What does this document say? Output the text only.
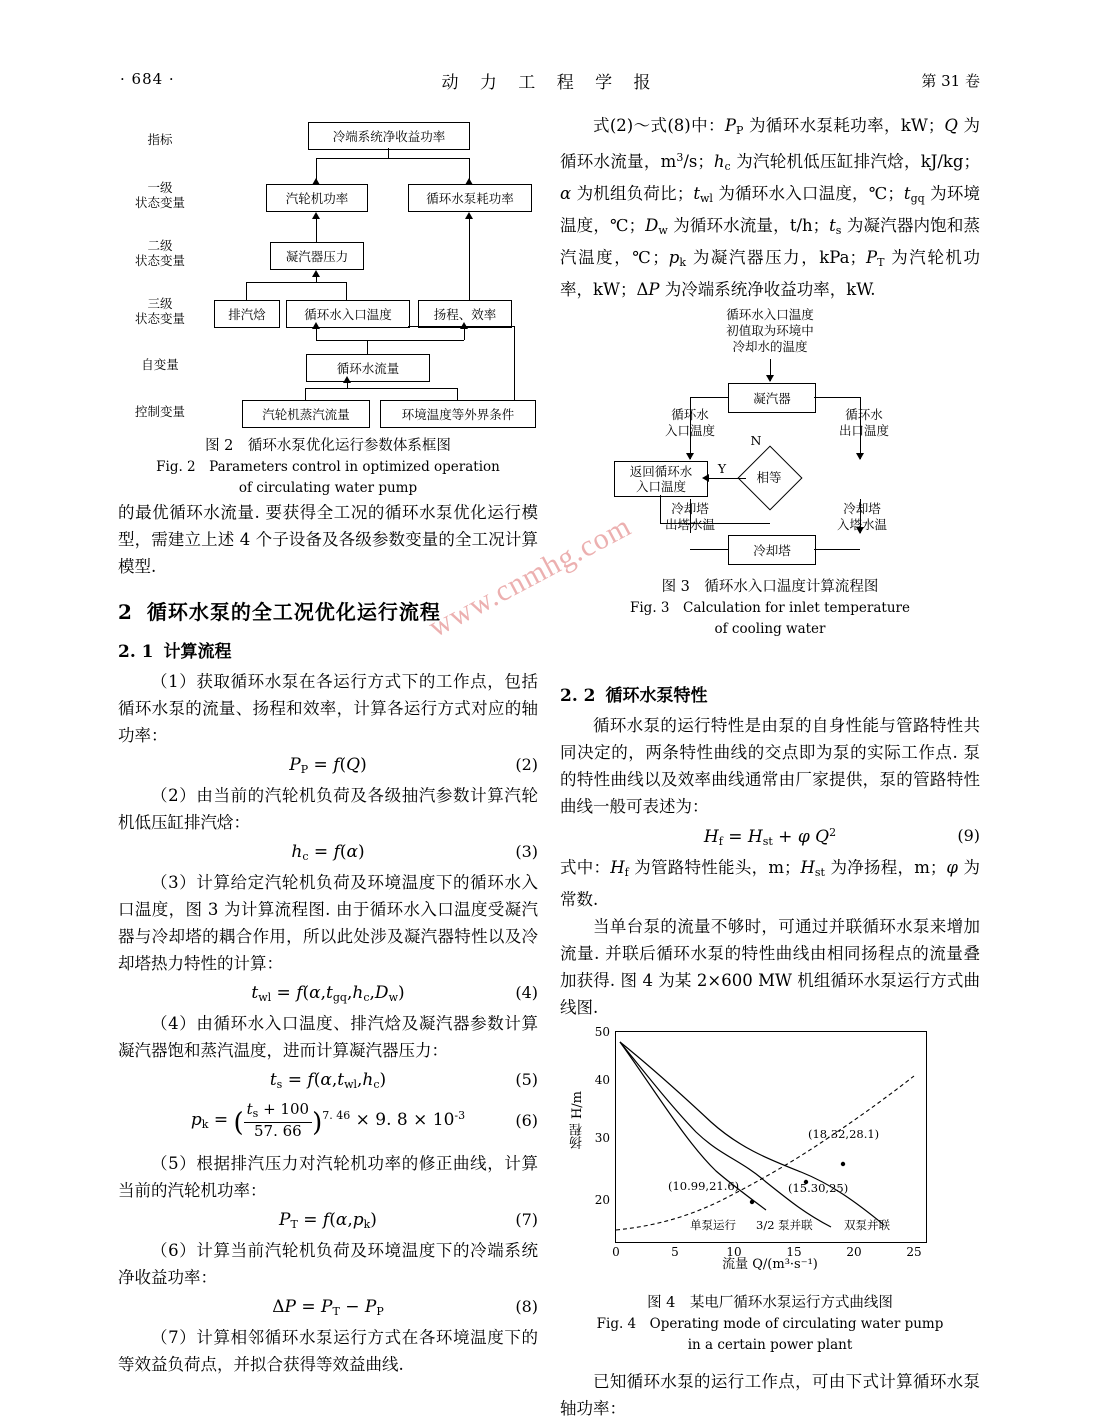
· 684 ·	动 力 工 程 学 报	第 31 卷
www.cnmhg.com
指标
一级
状态变量
二级
状态变量
三级
状态变量
自变量
控制变量
冷端系统净收益功率
汽轮机功率	循环水泵耗功率
凝汽器压力
排汽焓	循环水入口温度	扬程、效率
循环水流量
汽轮机蒸汽流量	环境温度等外界条件
图 2　循环水泵优化运行参数体系框图
Fig. 2　Parameters control in optimized operation
of circulating water pump

的最优循环水流量. 要获得全工况的循环水泵优化运行模型，需建立上述 4 个子设备及各级参数变量的全工况计算模型.

2 循环水泵的全工况优化运行流程
2. 1 计算流程

（1）获取循环水泵在各运行方式下的工作点，包括循环水泵的流量、扬程和效率，计算各运行方式对应的轴功率：

$P_P = f(Q)$	(2)

（2）由当前的汽轮机负荷及各级抽汽参数计算汽轮机低压缸排汽焓：

$h_c = f(\alpha)$	(3)

（3）计算给定汽轮机负荷及环境温度下的循环水入口温度，图 3 为计算流程图. 由于循环水入口温度受凝汽器与冷却塔的耦合作用，所以此处涉及凝汽器特性以及冷却塔热力特性的计算：

$t_{wl} = f(\alpha,t_{gq},h_c,D_w)$	(4)

（4）由循环水入口温度、排汽焓及凝汽器参数计算凝汽器饱和蒸汽温度，进而计算凝汽器压力：

$t_s = f(\alpha,t_{wl},h_c)$	(5)
$p_k$ = ( $\frac{t_s + 100}{57. 66} )^{7. 46} \times 9$. $8 \times 10^{-3}$	(6)

（5）根据排汽压力对汽轮机功率的修正曲线，计算当前的汽轮机功率：

$P_T = f(\alpha,p_k)$	(7)

（6）计算当前汽轮机负荷及环境温度下的冷端系统净收益功率：

$\Delta P = P_T - P_P$	(8)

（7）计算相邻循环水泵运行方式在各环境温度下的等效益负荷点，并拟合获得等效益曲线.

式(2)～式(8)中：$P_P$ 为循环水泵耗功率，kW；Q 为循环水流量，$m^3/s$；$h_c$ 为汽轮机低压缸排汽焓，kJ/kg；α 为机组负荷比；$t_{wl}$ 为循环水入口温度，℃；$t_{gq}$ 为环境温度，℃；$D_w$ 为循环水流量，t/h；$t_s$ 为凝汽器内饱和蒸汽温度，℃；$p_k$ 为凝汽器压力，kPa；$P_T$ 为汽轮机功率，kW；ΔP 为冷端系统净收益功率，kW.

循环水入口温度
初值取为环境中
冷却水的温度
凝汽器
循环水
入口温度
循环水
出口温度
相等
N
Y
返回循环水
入口温度
冷却塔
出塔水温
冷却塔
入塔水温
冷却塔
图 3　循环水入口温度计算流程图
Fig. 3　Calculation for inlet temperature
of cooling water
2. 2 循环水泵特性

循环水泵的运行特性是由泵的自身性能与管路特性共同决定的，两条特性曲线的交点即为泵的实际工作点. 泵的特性曲线以及效率曲线通常由厂家提供，泵的管路特性曲线一般可表述为：

$H_f = H_{st} + \varphi$ $Q^2$	(9)

式中：$H_f$ 为管路特性能头，m；$H_{st}$ 为净扬程，m；φ 为常数.

当单台泵的流量不够时，可通过并联循环水泵来增加流量. 并联后循环水泵的特性曲线由相同扬程点的流量叠加获得. 图 4 为某 2×600 MW 机组循环水泵运行方式曲线图.

扬程 H/m
50
40
30
20
0	5	10	15	20	25
(18.32,28.1)
(15.30,25)
(10.99,21.6)
单泵运行 3/2 泵并联	双泵并联
流量 Q/(m³·s⁻¹)
图 4　某电厂循环水泵运行方式曲线图
Fig. 4　Operating mode of circulating water pump
in a certain power plant

已知循环水泵的运行工作点，可由下式计算循环水泵轴功率：
